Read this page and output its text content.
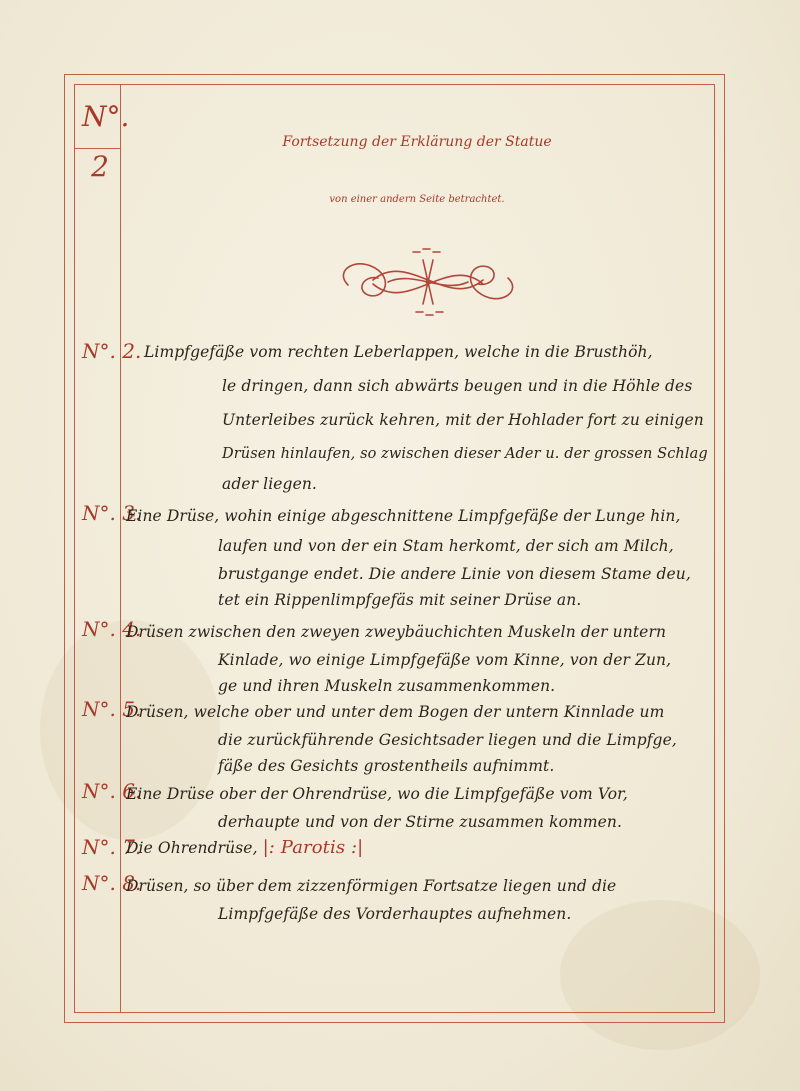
N°. 2
Fortsetzung der Erklärung der Statue
von einer andern Seite betrachtet.
N°. 2. Limpfgefäße vom rechten Leberlappen, welche in die Brusthöh,
le dringen, dann sich abwärts beugen und in die Höhle des
Unterleibes zurück kehren, mit der Hohlader fort zu einigen
Drüsen hinlaufen, so zwischen dieser Ader u. der grossen Schlag
ader liegen.
N°. 3.
Eine Drüse, wohin einige abgeschnittene Limpfgefäße der Lunge hin,
laufen und von der ein Stam herkomt, der sich am Milch,
brustgange endet. Die andere Linie von diesem Stame deu,
tet ein Rippenlimpfgefäs mit seiner Drüse an.
N°. 4.
Drüsen zwischen den zweyen zweybäuchichten Muskeln der untern
Kinlade, wo einige Limpfgefäße vom Kinne, von der Zun,
ge und ihren Muskeln zusammenkommen.
N°. 5.
Drüsen, welche ober und unter dem Bogen der untern Kinnlade um
die zurückführende Gesichtsader liegen und die Limpfge,
fäße des Gesichts grostentheils aufnimmt.
N°. 6.
Eine Drüse ober der Ohrendrüse, wo die Limpfgefäße vom Vor,
derhaupte und von der Stirne zusammen kommen.
N°. 7.
Die Ohrendrüse, |: Parotis :|
N°. 8.
Drüsen, so über dem zizzenförmigen Fortsatze liegen und die
Limpfgefäße des Vorderhauptes aufnehmen.
